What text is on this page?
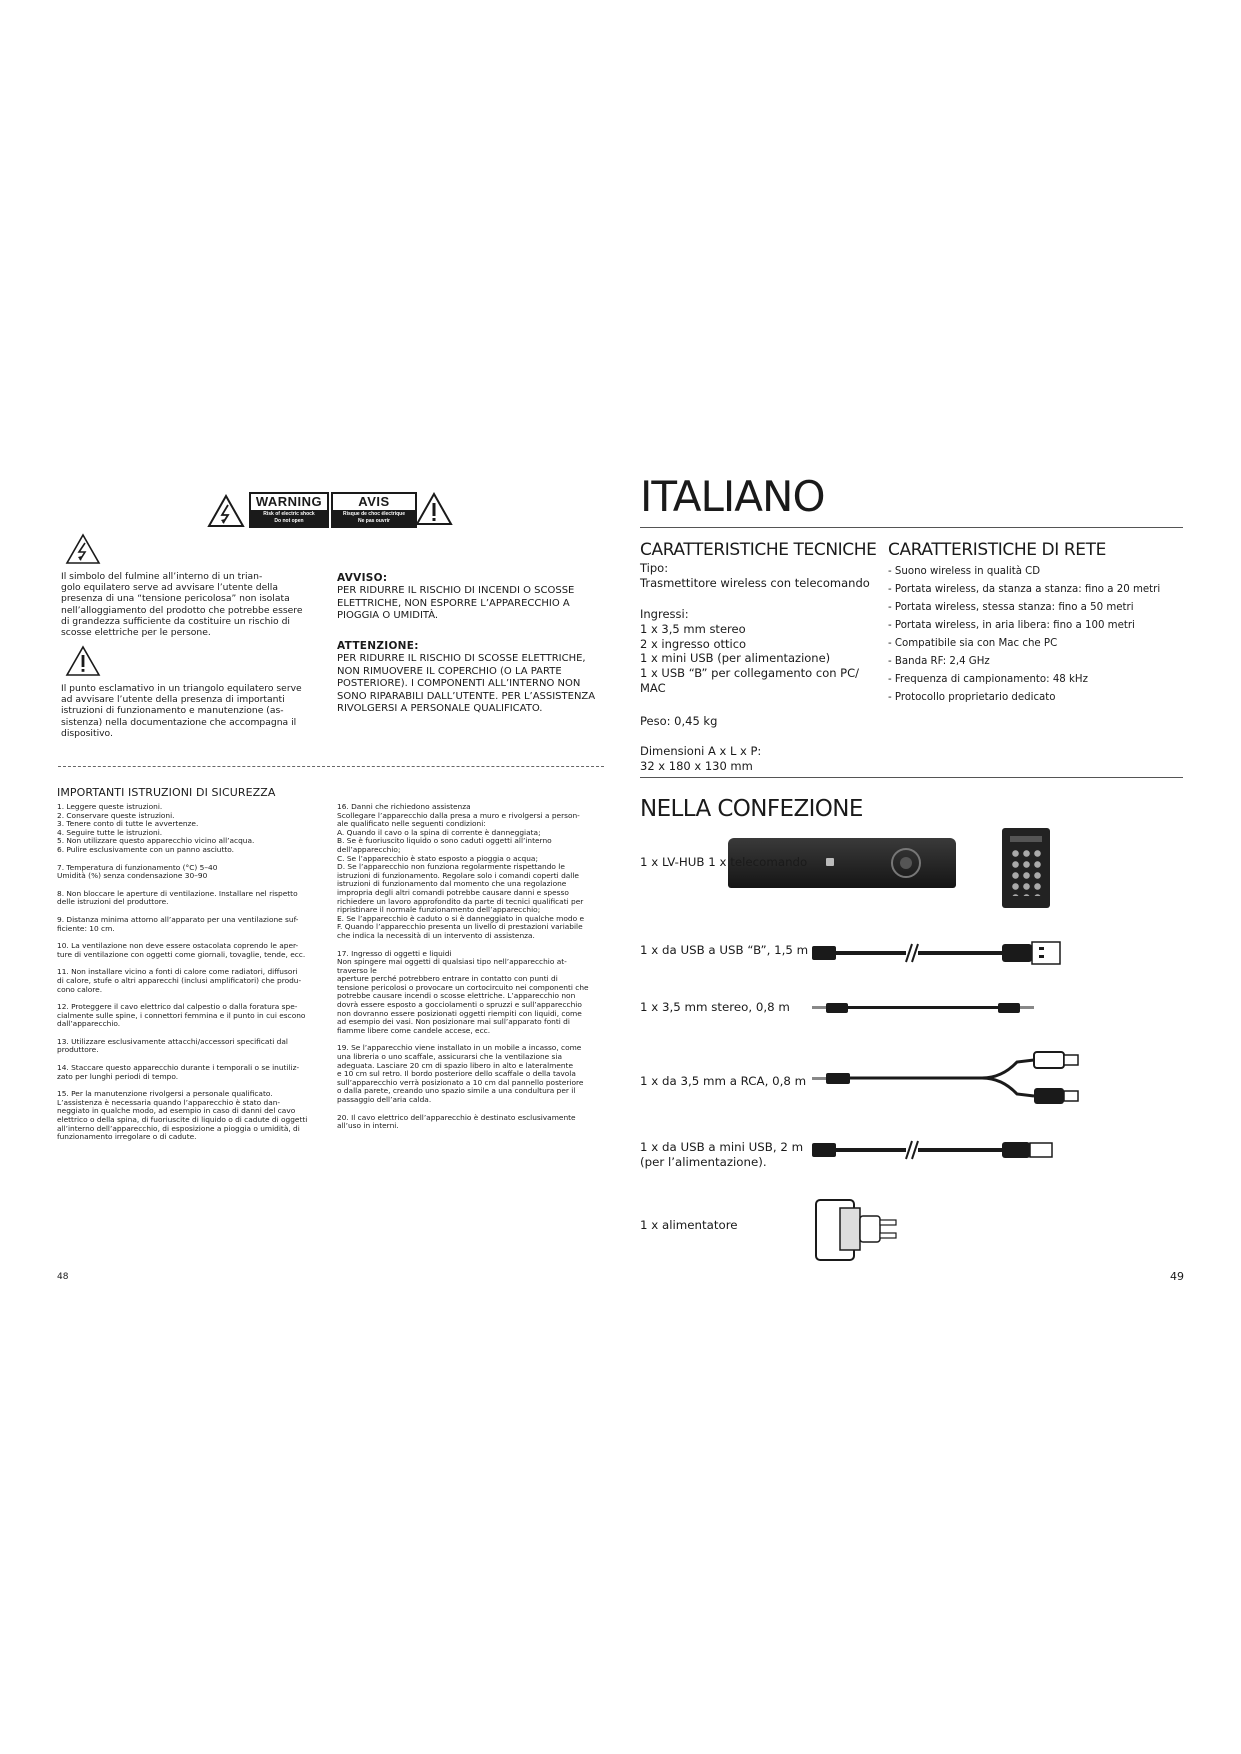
WARNING
Risk of electric shock
Do not open
AVIS
Risque de choc électrique
Ne pas ouvrir

Il simbolo del fulmine all’interno di un trian-
golo equilatero serve ad avvisare l’utente della
presenza di una “tensione pericolosa” non isolata
nell’alloggiamento del prodotto che potrebbe essere
di grandezza sufficiente da costituire un rischio di
scosse elettriche per le persone.

Il punto esclamativo in un triangolo equilatero serve
ad avvisare l’utente della presenza di importanti
istruzioni di funzionamento e manutenzione (as-
sistenza) nella documentazione che accompagna il
dispositivo.

AVVISO:

PER RIDURRE IL RISCHIO DI INCENDI O SCOSSE
ELETTRICHE, NON ESPORRE L’APPARECCHIO A
PIOGGIA O UMIDITÀ.

ATTENZIONE:

PER RIDURRE IL RISCHIO DI SCOSSE ELETTRICHE,
NON RIMUOVERE IL COPERCHIO (O LA PARTE
POSTERIORE). I COMPONENTI ALL’INTERNO NON
SONO RIPARABILI DALL’UTENTE. PER L’ASSISTENZA
RIVOLGERSI A PERSONALE QUALIFICATO.

IMPORTANTI ISTRUZIONI DI SICUREZZA

1. Leggere queste istruzioni.
2. Conservare queste istruzioni.
3. Tenere conto di tutte le avvertenze.
4. Seguire tutte le istruzioni.
5. Non utilizzare questo apparecchio vicino all’acqua.
6. Pulire esclusivamente con un panno asciutto.

7. Temperatura di funzionamento (°C) 5–40
Umidità (%) senza condensazione 30–90

8. Non bloccare le aperture di ventilazione. Installare nel rispetto
delle istruzioni del produttore.

9. Distanza minima attorno all’apparato per una ventilazione suf-
ficiente: 10 cm.

10. La ventilazione non deve essere ostacolata coprendo le aper-
ture di ventilazione con oggetti come giornali, tovaglie, tende, ecc.

11. Non installare vicino a fonti di calore come radiatori, diffusori
di calore, stufe o altri apparecchi (inclusi amplificatori) che produ-
cono calore.

12. Proteggere il cavo elettrico dal calpestio o dalla foratura spe-
cialmente sulle spine, i connettori femmina e il punto in cui escono
dall’apparecchio.

13. Utilizzare esclusivamente attacchi/accessori specificati dal
produttore.

14. Staccare questo apparecchio durante i temporali o se inutiliz-
zato per lunghi periodi di tempo.

15. Per la manutenzione rivolgersi a personale qualificato.
L’assistenza è necessaria quando l’apparecchio è stato dan-
neggiato in qualche modo, ad esempio in caso di danni del cavo
elettrico o della spina, di fuoriuscite di liquido o di cadute di oggetti
all’interno dell’apparecchio, di esposizione a pioggia o umidità, di
funzionamento irregolare o di cadute.

16. Danni che richiedono assistenza
Scollegare l’apparecchio dalla presa a muro e rivolgersi a person-
ale qualificato nelle seguenti condizioni:
A. Quando il cavo o la spina di corrente è danneggiata;
B. Se è fuoriuscito liquido o sono caduti oggetti all’interno
dell’apparecchio;
C. Se l’apparecchio è stato esposto a pioggia o acqua;
D. Se l’apparecchio non funziona regolarmente rispettando le
istruzioni di funzionamento. Regolare solo i comandi coperti dalle
istruzioni di funzionamento dal momento che una regolazione
impropria degli altri comandi potrebbe causare danni e spesso
richiedere un lavoro approfondito da parte di tecnici qualificati per
ripristinare il normale funzionamento dell’apparecchio;
E. Se l’apparecchio è caduto o si è danneggiato in qualche modo e
F. Quando l’apparecchio presenta un livello di prestazioni variabile
che indica la necessità di un intervento di assistenza.

17. Ingresso di oggetti e liquidi
Non spingere mai oggetti di qualsiasi tipo nell’apparecchio at-
traverso le
aperture perché potrebbero entrare in contatto con punti di
tensione pericolosi o provocare un cortocircuito nei componenti che
potrebbe causare incendi o scosse elettriche. L’apparecchio non
dovrà essere esposto a gocciolamenti o spruzzi e sull’apparecchio
non dovranno essere posizionati oggetti riempiti con liquidi, come
ad esempio dei vasi. Non posizionare mai sull’apparato fonti di
fiamme libere come candele accese, ecc.

19. Se l’apparecchio viene installato in un mobile a incasso, come
una libreria o uno scaffale, assicurarsi che la ventilazione sia
adeguata. Lasciare 20 cm di spazio libero in alto e lateralmente
e 10 cm sul retro. Il bordo posteriore dello scaffale o della tavola
sull’apparecchio verrà posizionato a 10 cm dal pannello posteriore
o dalla parete, creando uno spazio simile a una condultura per il
passaggio dell’aria calda.

20. Il cavo elettrico dell’apparecchio è destinato esclusivamente
all’uso in interni.

48
ITALIANO
CARATTERISTICHE TECNICHE

Tipo:
Trasmettitore wireless con telecomando

Ingressi:
1 x 3,5 mm stereo
2 x ingresso ottico
1 x mini USB (per alimentazione)
1 x USB “B” per collegamento con PC/
MAC

Peso: 0,45 kg

Dimensioni A x L x P:
32 x 180 x 130 mm

CARATTERISTICHE DI RETE
- Suono wireless in qualità CD
- Portata wireless, da stanza a stanza: fino a 20 metri
- Portata wireless, stessa stanza: fino a 50 metri
- Portata wireless, in aria libera: fino a 100 metri
- Compatibile sia con Mac che PC
- Banda RF: 2,4 GHz
- Frequenza di campionamento: 48 kHz
- Protocollo proprietario dedicato
NELLA CONFEZIONE
1 x LV-HUB 1 x telecomando
1 x da USB a USB “B”, 1,5 m
1 x 3,5 mm stereo, 0,8 m
1 x da 3,5 mm a RCA, 0,8 m
1 x da USB a mini USB, 2 m
(per l’alimentazione).
1 x alimentatore
49
